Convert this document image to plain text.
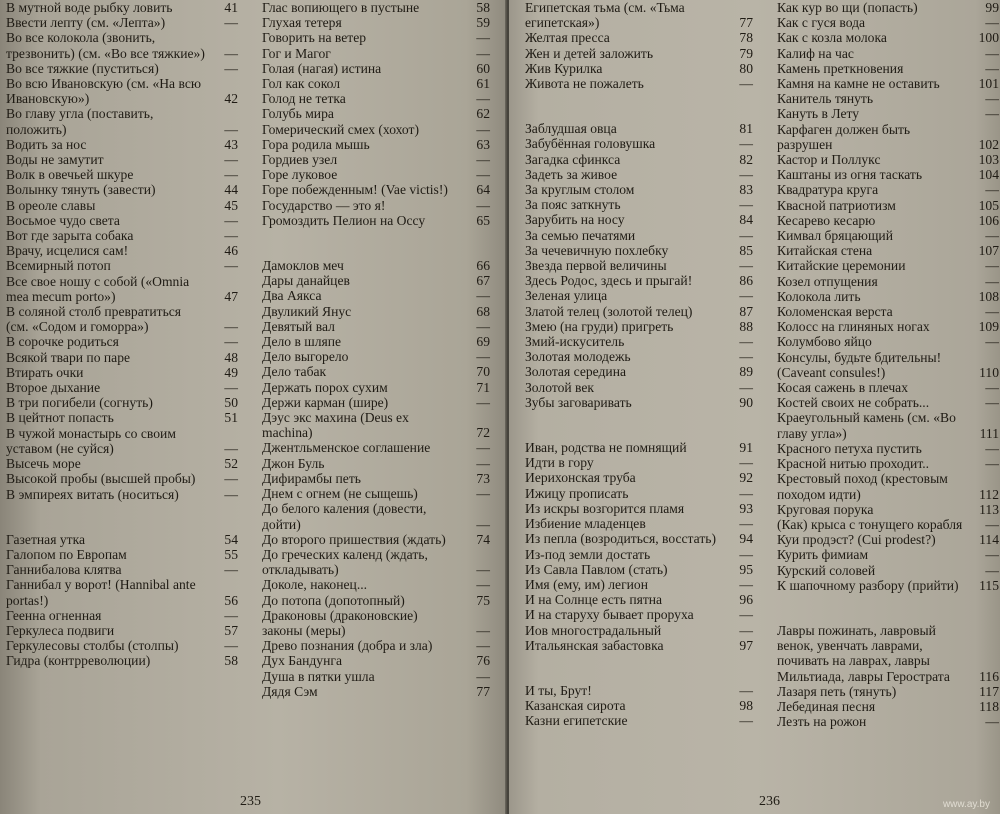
В мутной воде рыбку ловить	41
Ввести лепту (см. «Лепта»)	—
Во все колокола (звонить, трезвонить) (см. «Во все тяжкие»)	—
Во все тяжкие (пуститься)	—
Во всю Ивановскую (см. «На всю Ивановскую»)	42
Во главу угла (поставить, положить)	—
Водить за нос	43
Воды не замутит	—
Волк в овечьей шкуре	—
Волынку тянуть (завести)	44
В ореоле славы	45
Восьмое чудо света	—
Вот где зарыта собака	—
Врачу, исцелися сам!	46
Всемирный потоп	—
Все свое ношу с собой («Omnia mea mecum porto»)	47
В соляной столб превратиться (см. «Содом и гоморра»)	—
В сорочке родиться	—
Всякой твари по паре	48
Втирать очки	49
Второе дыхание	—
В три погибели (согнуть)	50
В цейтнот попасть	51
В чужой монастырь со своим уставом (не суйся)	—
Высечь море	52
Высокой пробы (высшей пробы)	—
В эмпиреях витать (носиться)	—
Газетная утка	54
Галопом по Европам	55
Ганнибалова клятва	—
Ганнибал у ворот! (Hannibal ante portas!)	56
Геенна огненная	—
Геркулеса подвиги	57
Геркулесовы столбы (столпы)	—
Гидра (контрреволюции)	58
Глас вопиющего в пустыне	58
Глухая тетеря	59
Говорить на ветер	—
Гог и Магог	—
Голая (нагая) истина	60
Гол как сокол	61
Голод не тетка	—
Голубь мира	62
Гомерический смех (хохот)	—
Гора родила мышь	63
Гордиев узел	—
Горе луковое	—
Горе побежденным! (Vae victis!)	64
Государство — это я!	—
Громоздить Пелион на Оссу	65
Дамоклов меч	66
Дары данайцев	67
Два Аякса	—
Двуликий Янус	68
Девятый вал	—
Дело в шляпе	69
Дело выгорело	—
Дело табак	70
Держать порох сухим	71
Держи карман (шире)	—
Дэус экс махина (Deus ex machina)	72
Джентльменское соглашение	—
Джон Буль	—
Дифирамбы петь	73
Днем с огнем (не сыщешь)	—
До белого каления (довести, дойти)	—
До второго пришествия (ждать)	74
До греческих календ (ждать, откладывать)	—
Доколе, наконец...	—
До потопа (допотопный)	75
Драконовы (драконовские) законы (меры)	—
Древо познания (добра и зла)	—
Дух Бандунга	76
Душа в пятки ушла	—
Дядя Сэм	77
235
Египетская тьма (см. «Тьма египетская»)	77
Желтая пресса	78
Жен и детей заложить	79
Жив Курилка	80
Живота не пожалеть	—
Заблудшая овца	81
Забубённая головушка	—
Загадка сфинкса	82
Задеть за живое	—
За круглым столом	83
За пояс заткнуть	—
Зарубить на носу	84
За семью печатями	—
За чечевичную похлебку	85
Звезда первой величины	—
Здесь Родос, здесь и прыгай!	86
Зеленая улица	—
Златой телец (золотой телец)	87
Змею (на груди) пригреть	88
Змий-искуситель	—
Золотая молодежь	—
Золотая середина	89
Золотой век	—
Зубы заговаривать	90
Иван, родства не помнящий	91
Идти в гору	—
Иерихонская труба	92
Ижицу прописать	—
Из искры возгорится пламя	93
Избиение младенцев	—
Из пепла (возродиться, восстать)	94
Из-под земли достать	—
Из Савла Павлом (стать)	95
Имя (ему, им) легион	—
И на Солнце есть пятна	96
И на старуху бывает проруха	—
Иов многострадальный	—
Итальянская забастовка	97
И ты, Брут!	—
Казанская сирота	98
Казни египетские	—
Как кур во щи (попасть)	99
Как с гуся вода	—
Как с козла молока	100
Калиф на час	—
Камень преткновения	—
Камня на камне не оставить	101
Канитель тянуть	—
Кануть в Лету	—
Карфаген должен быть разрушен	102
Кастор и Поллукс	103
Каштаны из огня таскать	104
Квадратура круга	—
Квасной патриотизм	105
Кесарево кесарю	106
Кимвал бряцающий	—
Китайская стена	107
Китайские церемонии	—
Козел отпущения	—
Колокола лить	108
Коломенская верста	—
Колосс на глиняных ногах	109
Колумбово яйцо	—
Консулы, будьте бдительны! (Caveant consules!)	110
Косая сажень в плечах	—
Костей своих не собрать...	—
Краеугольный камень (см. «Во главу угла»)	111
Красного петуха пустить	—
Красной нитью проходит..	—
Крестовый поход (крестовым походом идти)	112
Круговая порука	113
(Как) крыса с тонущего корабля	—
Куи продэст? (Cui prodest?)	114
Курить фимиам	—
Курский соловей	—
К шапочному разбору (прийти)	115
Лавры пожинать, лавровый венок, увенчать лаврами, почивать на лаврах, лавры Мильтиада, лавры Герострата	116
Лазаря петь (тянуть)	117
Лебединая песня	118
Лезть на рожон	—
236	www.ay.by
